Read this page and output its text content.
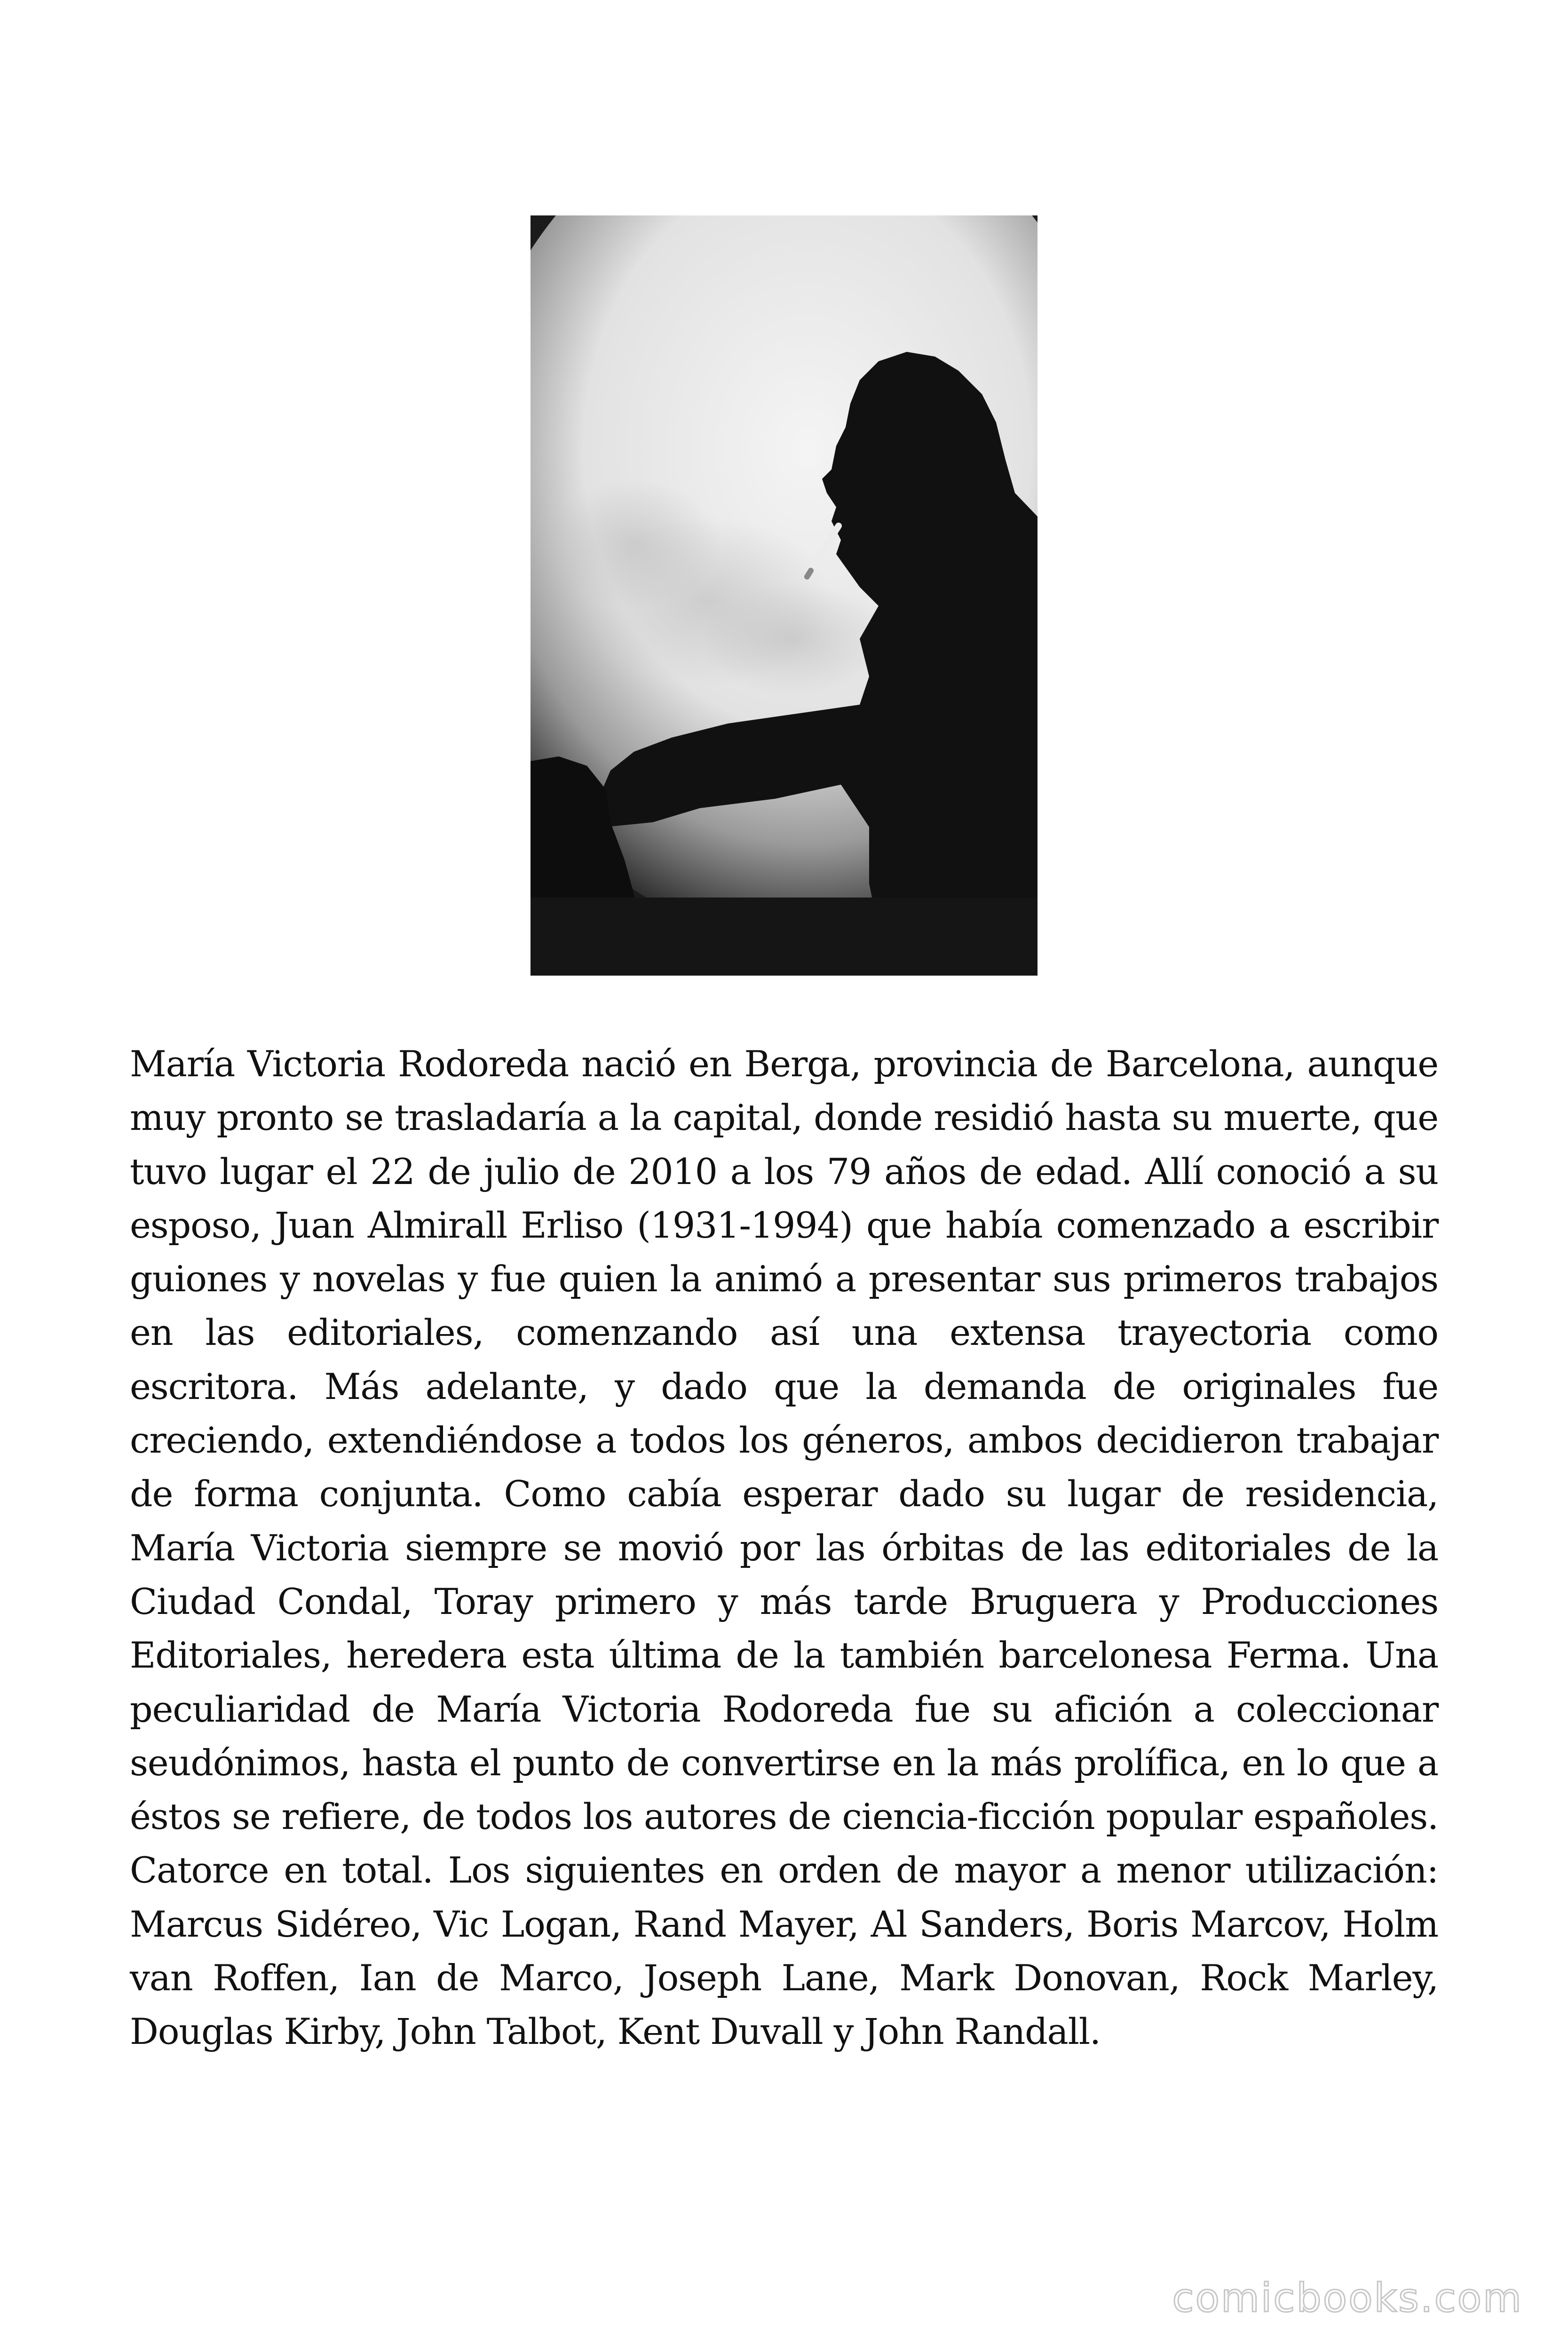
María Victoria Rodoreda nació en Berga, provincia de Barcelona, aunque muy pronto se trasladaría a la capital, donde residió hasta su muerte, que tuvo lugar el 22 de julio de 2010 a los 79 años de edad. Allí conoció a su esposo, Juan Almirall Erliso (1931-1994) que había comenzado a escribir guiones y novelas y fue quien la animó a presentar sus primeros trabajos en las editoriales, comenzando así una extensa trayectoria como escritora. Más adelante, y dado que la demanda de originales fue creciendo, extendiéndose a todos los géneros, ambos decidieron trabajar de forma conjunta. Como cabía esperar dado su lugar de residencia, María Victoria siempre se movió por las órbitas de las editoriales de la Ciudad Condal, Toray primero y más tarde Bruguera y Producciones Editoriales, heredera esta última de la también barcelonesa Ferma. Una peculiaridad de María Victoria Rodoreda fue su afición a coleccionar seudónimos, hasta el punto de convertirse en la más prolífica, en lo que a éstos se refiere, de todos los autores de ciencia-ficción popular españoles. Catorce en total. Los siguientes en orden de mayor a menor utilización: Marcus Sidéreo, Vic Logan, Rand Mayer, Al Sanders, Boris Marcov, Holm van Roffen, Ian de Marco, Joseph Lane, Mark Donovan, Rock Marley, Douglas Kirby, John Talbot, Kent Duvall y John Randall.

comicbooks.com
